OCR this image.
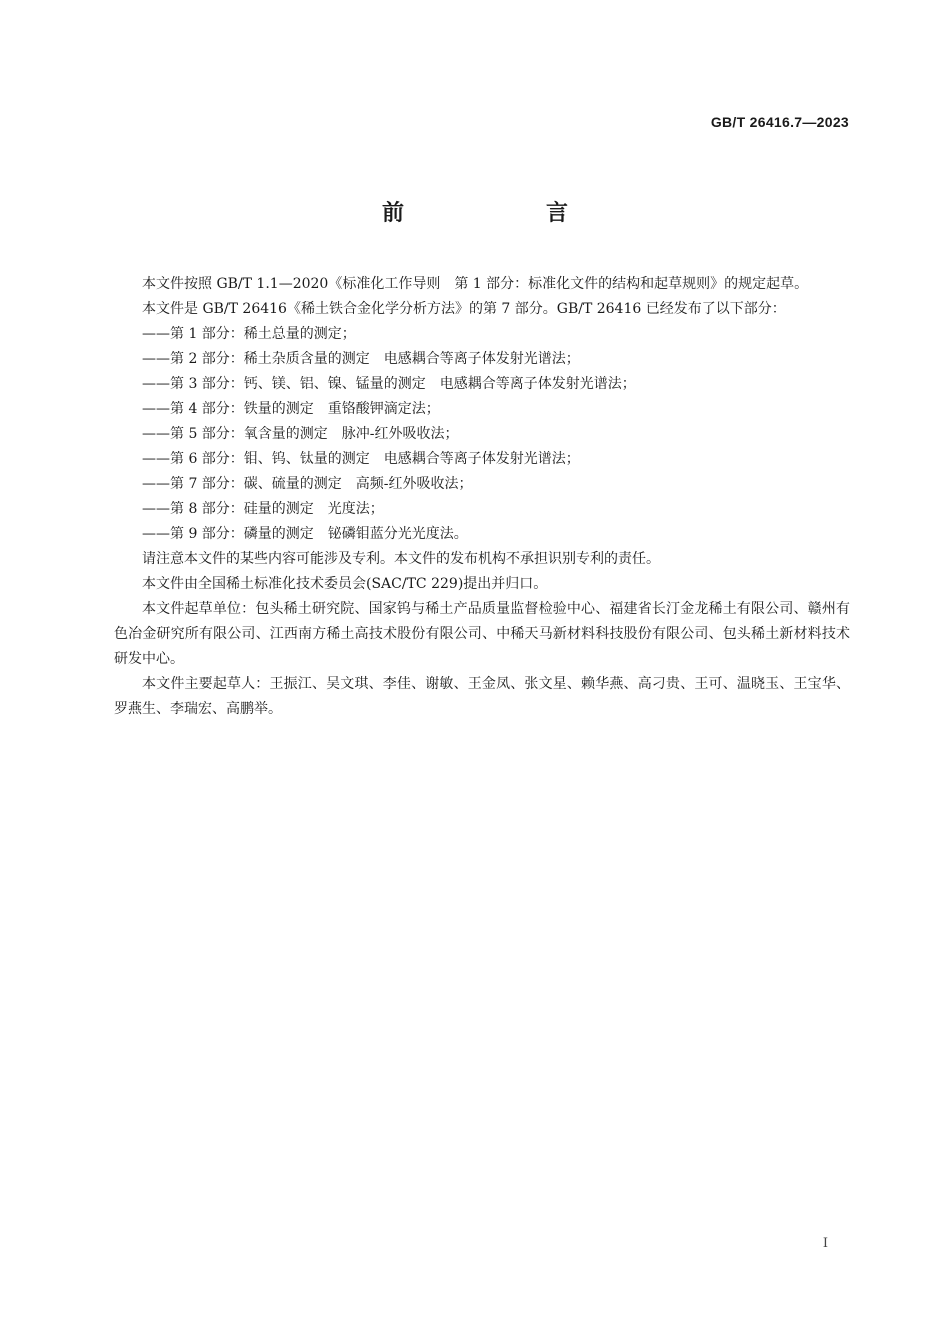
GB/T 26416.7—2023
前　言

本文件按照 GB/T 1.1—2020《标准化工作导则　第 1 部分：标准化文件的结构和起草规则》的规定起草。

本文件是 GB/T 26416《稀土铁合金化学分析方法》的第 7 部分。GB/T 26416 已经发布了以下部分：

——第 1 部分：稀土总量的测定；

——第 2 部分：稀土杂质含量的测定　电感耦合等离子体发射光谱法；

——第 3 部分：钙、镁、铝、镍、锰量的测定　电感耦合等离子体发射光谱法；

——第 4 部分：铁量的测定　重铬酸钾滴定法；

——第 5 部分：氧含量的测定　脉冲-红外吸收法；

——第 6 部分：钼、钨、钛量的测定　电感耦合等离子体发射光谱法；

——第 7 部分：碳、硫量的测定　高频-红外吸收法；

——第 8 部分：硅量的测定　光度法；

——第 9 部分：磷量的测定　铋磷钼蓝分光光度法。

请注意本文件的某些内容可能涉及专利。本文件的发布机构不承担识别专利的责任。

本文件由全国稀土标准化技术委员会(SAC/TC 229)提出并归口。

本文件起草单位：包头稀土研究院、国家钨与稀土产品质量监督检验中心、福建省长汀金龙稀土有限公司、赣州有色冶金研究所有限公司、江西南方稀土高技术股份有限公司、中稀天马新材料科技股份有限公司、包头稀土新材料技术研发中心。

本文件主要起草人：王振江、吴文琪、李佳、谢敏、王金凤、张文星、赖华燕、高刁贵、王可、温晓玉、王宝华、罗燕生、李瑞宏、高鹏举。

I
